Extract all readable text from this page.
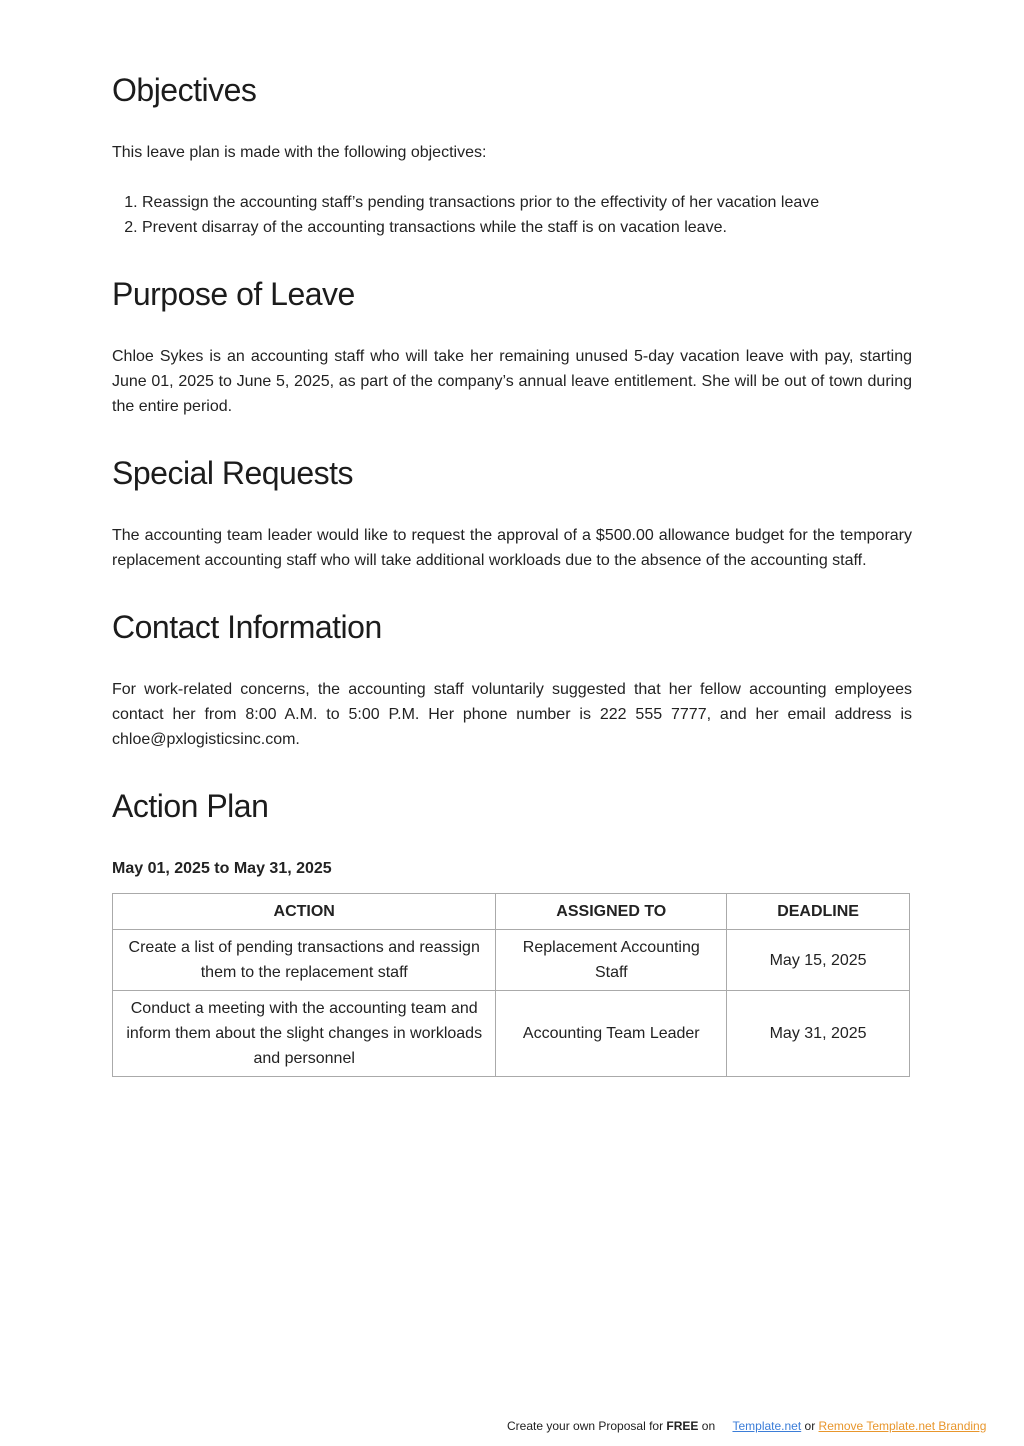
Objectives

This leave plan is made with the following objectives:

1. Reassign the accounting staff’s pending transactions prior to the effectivity of her vacation leave
2. Prevent disarray of the accounting transactions while the staff is on vacation leave.
Purpose of Leave

Chloe Sykes is an accounting staff who will take her remaining unused 5-day vacation leave with pay, starting June 01, 2025 to June 5, 2025, as part of the company’s annual leave entitlement. She will be out of town during the entire period.

Special Requests

The accounting team leader would like to request the approval of a $500.00 allowance budget for the temporary replacement accounting staff who will take additional workloads due to the absence of the accounting staff.

Contact Information

For work-related concerns, the accounting staff voluntarily suggested that her fellow accounting employees contact her from 8:00 A.M. to 5:00 P.M. Her phone number is 222 555 7777, and her email address is chloe@pxlogisticsinc.com.

Action Plan
May 01, 2025 to May 31, 2025
ACTION	ASSIGNED TO	DEADLINE
Create a list of pending transactions and reassign them to the replacement staff	Replacement Accounting Staff	May 15, 2025
Conduct a meeting with the accounting team and inform them about the slight changes in workloads and personnel	Accounting Team Leader	May 31, 2025
Create your own Proposal for FREE on Template.net or Remove Template.net Branding
